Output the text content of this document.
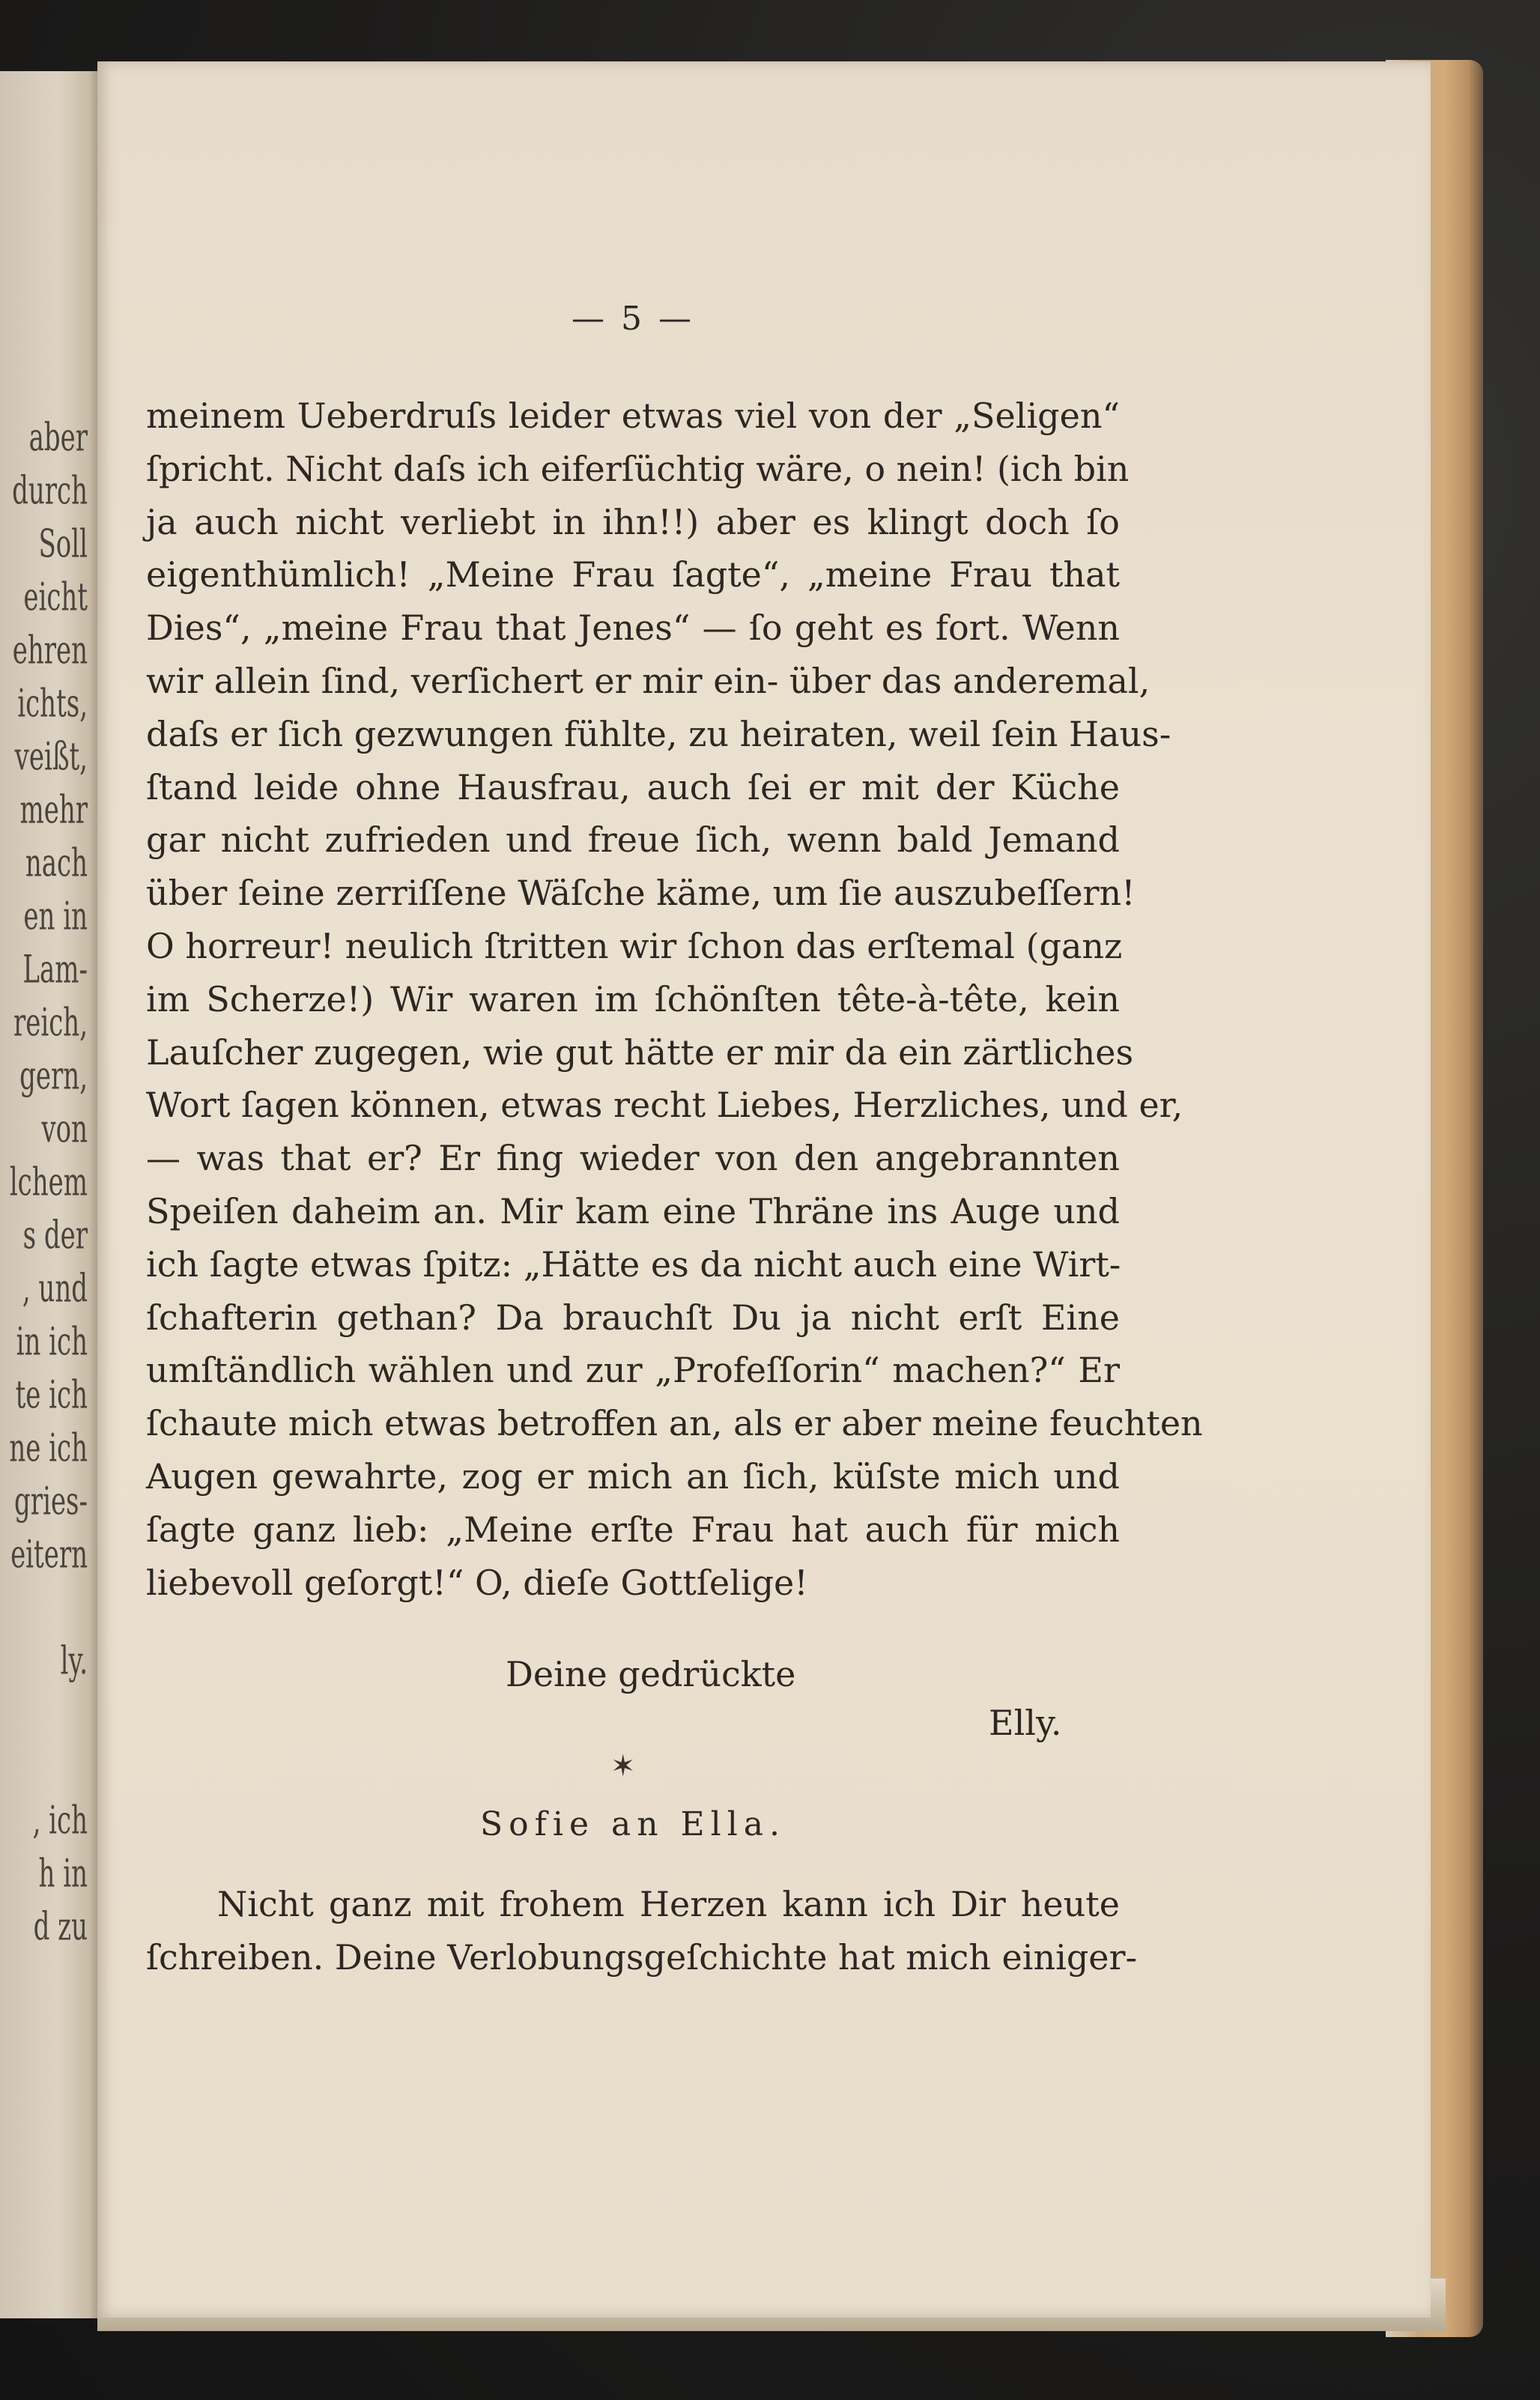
aber
durch
Soll
eicht
ehren
ichts,
veißt,
mehr
nach
en in
Lam-
reich,
gern,
von
lchem
s der
, und
in ich
te ich
ne ich
gries-
eitern
ly.
, ich
h in
d zu
— 5 —
meinem Ueberdruſs leider etwas viel von der „Seligen“
ſpricht. Nicht daſs ich eiferſüchtig wäre, o nein! (ich bin
ja auch nicht verliebt in ihn!!) aber es klingt doch ſo
eigenthümlich! „Meine Frau ſagte“, „meine Frau that
Dies“, „meine Frau that Jenes“ — ſo geht es fort. Wenn
wir allein ſind, verſichert er mir ein- über das anderemal,
daſs er ſich gezwungen fühlte, zu heiraten, weil ſein Haus-
ſtand leide ohne Hausfrau, auch ſei er mit der Küche
gar nicht zufrieden und freue ſich, wenn bald Jemand
über ſeine zerriſſene Wäſche käme, um ſie auszubeſſern!
O horreur! neulich ſtritten wir ſchon das erſtemal (ganz
im Scherze!) Wir waren im ſchönſten tête-à-tête, kein
Lauſcher zugegen, wie gut hätte er mir da ein zärtliches
Wort ſagen können, etwas recht Liebes, Herzliches, und er,
— was that er? Er fing wieder von den angebrannten
Speiſen daheim an. Mir kam eine Thräne ins Auge und
ich ſagte etwas ſpitz: „Hätte es da nicht auch eine Wirt-
ſchafterin gethan? Da brauchſt Du ja nicht erſt Eine
umſtändlich wählen und zur „Profeſſorin“ machen?“ Er
ſchaute mich etwas betroffen an, als er aber meine feuchten
Augen gewahrte, zog er mich an ſich, küſste mich und
ſagte ganz lieb: „Meine erſte Frau hat auch für mich
liebevoll geſorgt!“ O, dieſe Gottſelige!
Deine gedrückte
Elly.
✶
Sofie an Ella.
Nicht ganz mit frohem Herzen kann ich Dir heute
ſchreiben. Deine Verlobungsgeſchichte hat mich einiger-
